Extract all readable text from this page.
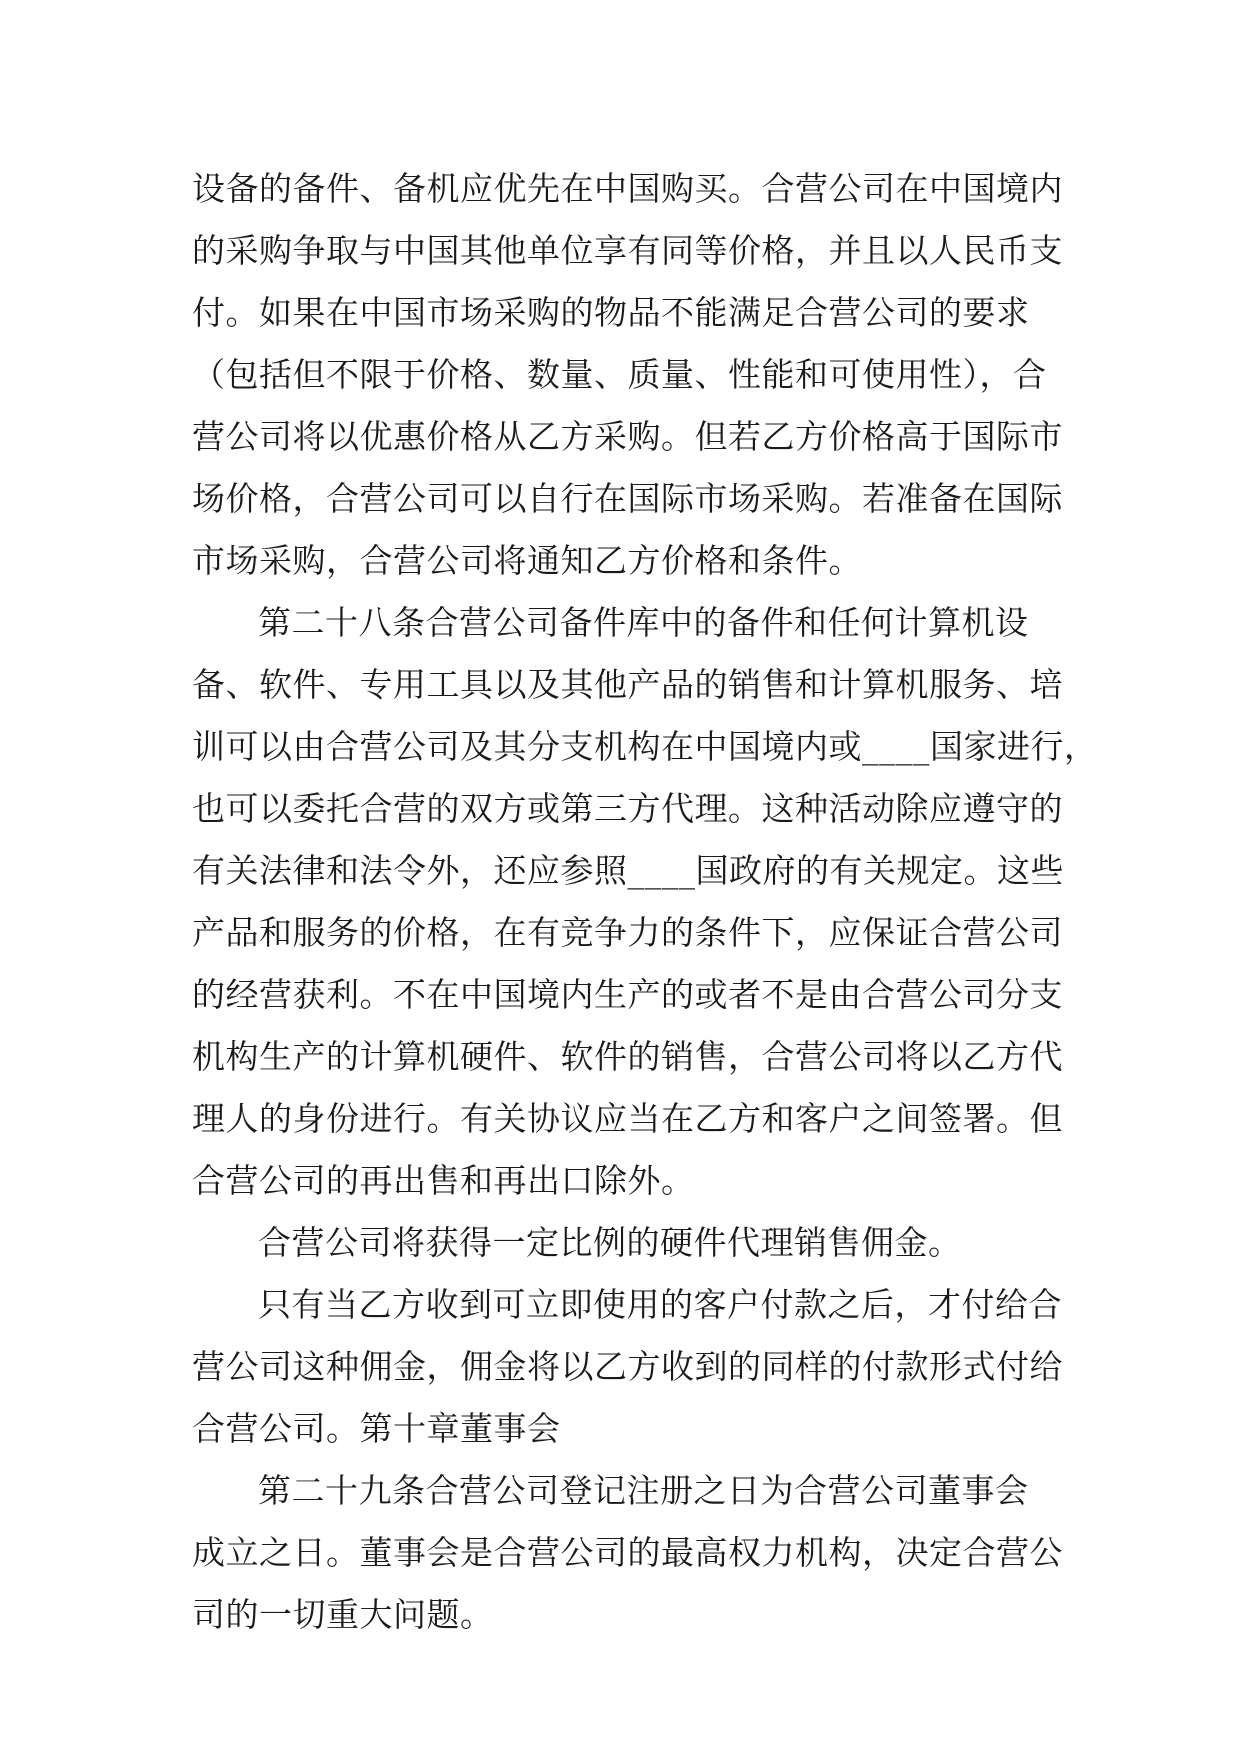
设备的备件、备机应优先在中国购买。合营公司在中国境内
的采购争取与中国其他单位享有同等价格，并且以人民币支
付。如果在中国市场采购的物品不能满足合营公司的要求
（包括但不限于价格、数量、质量、性能和可使用性），合
营公司将以优惠价格从乙方采购。但若乙方价格高于国际市
场价格，合营公司可以自行在国际市场采购。若准备在国际
市场采购，合营公司将通知乙方价格和条件。
第二十八条合营公司备件库中的备件和任何计算机设
备、软件、专用工具以及其他产品的销售和计算机服务、培
训可以由合营公司及其分支机构在中国境内或____国家进行，
也可以委托合营的双方或第三方代理。这种活动除应遵守的
有关法律和法令外，还应参照____国政府的有关规定。这些
产品和服务的价格，在有竞争力的条件下，应保证合营公司
的经营获利。不在中国境内生产的或者不是由合营公司分支
机构生产的计算机硬件、软件的销售，合营公司将以乙方代
理人的身份进行。有关协议应当在乙方和客户之间签署。但
合营公司的再出售和再出口除外。
合营公司将获得一定比例的硬件代理销售佣金。
只有当乙方收到可立即使用的客户付款之后，才付给合
营公司这种佣金，佣金将以乙方收到的同样的付款形式付给
合营公司。第十章董事会
第二十九条合营公司登记注册之日为合营公司董事会
成立之日。董事会是合营公司的最高权力机构，决定合营公
司的一切重大问题。
